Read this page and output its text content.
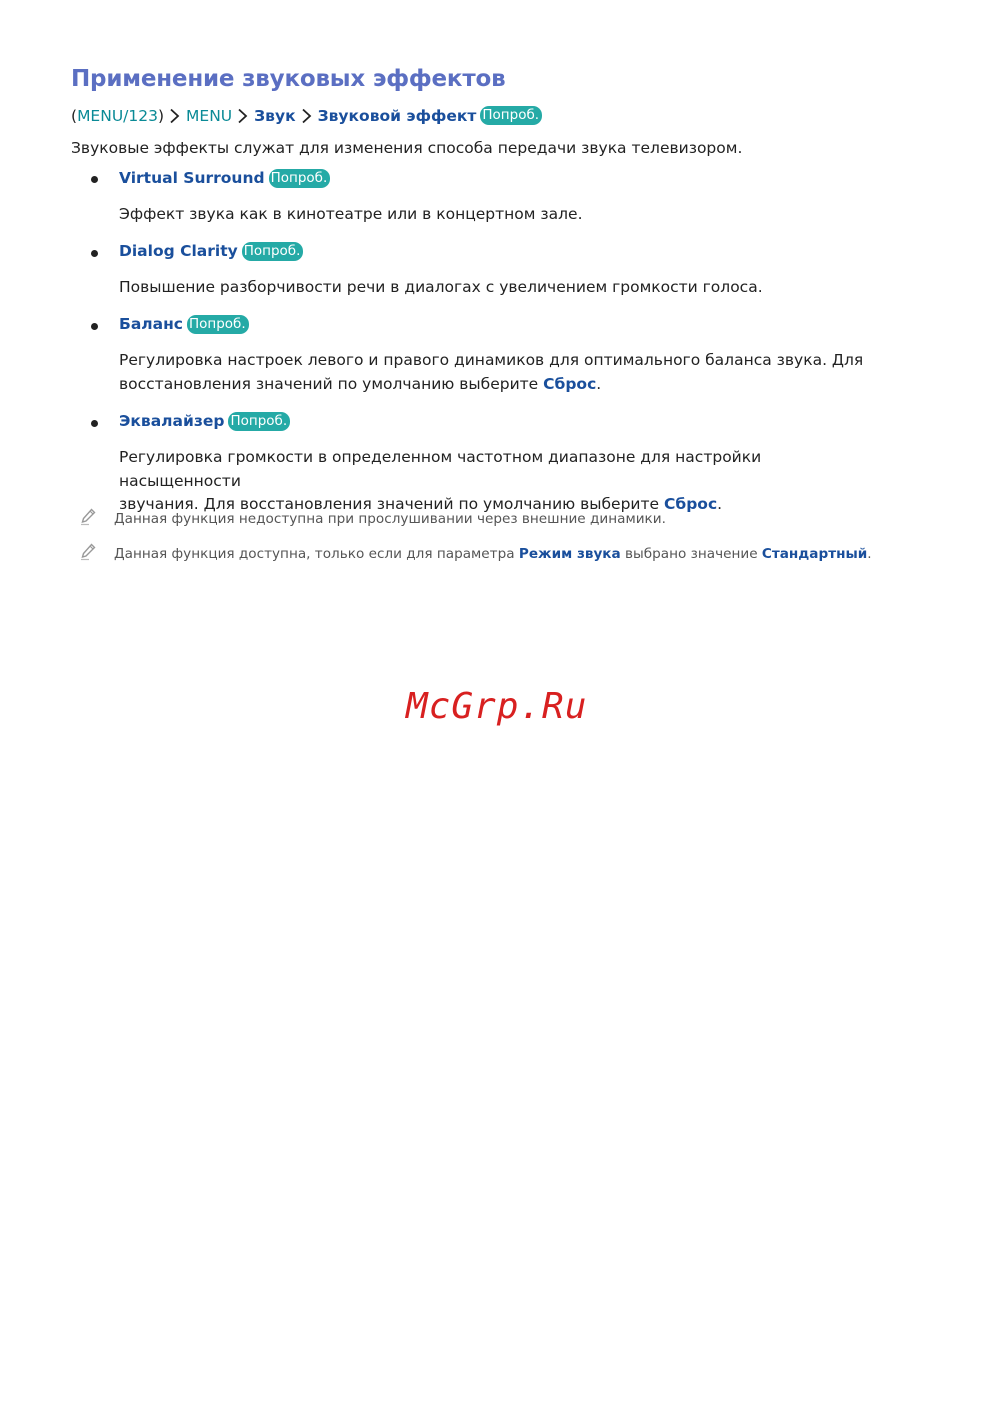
Применение звуковых эффектов
( MENU/123 ) MENU Звук Звуковой эффект Попроб.
Звуковые эффекты служат для изменения способа передачи звука телевизором.
Virtual Surround Попроб.
Эффект звука как в кинотеатре или в концертном зале.
Dialog Clarity Попроб.
Повышение разборчивости речи в диалогах с увеличением громкости голоса.
Баланс Попроб.
Регулировка настроек левого и правого динамиков для оптимального баланса звука. Для
восстановления значений по умолчанию выберите Сброс.
Эквалайзер Попроб.
Регулировка громкости в определенном частотном диапазоне для настройки насыщенности
звучания. Для восстановления значений по умолчанию выберите Сброс.
Данная функция недоступна при прослушивании через внешние динамики.
Данная функция доступна, только если для параметра Режим звука выбрано значение Стандартный.
McGrp.Ru
